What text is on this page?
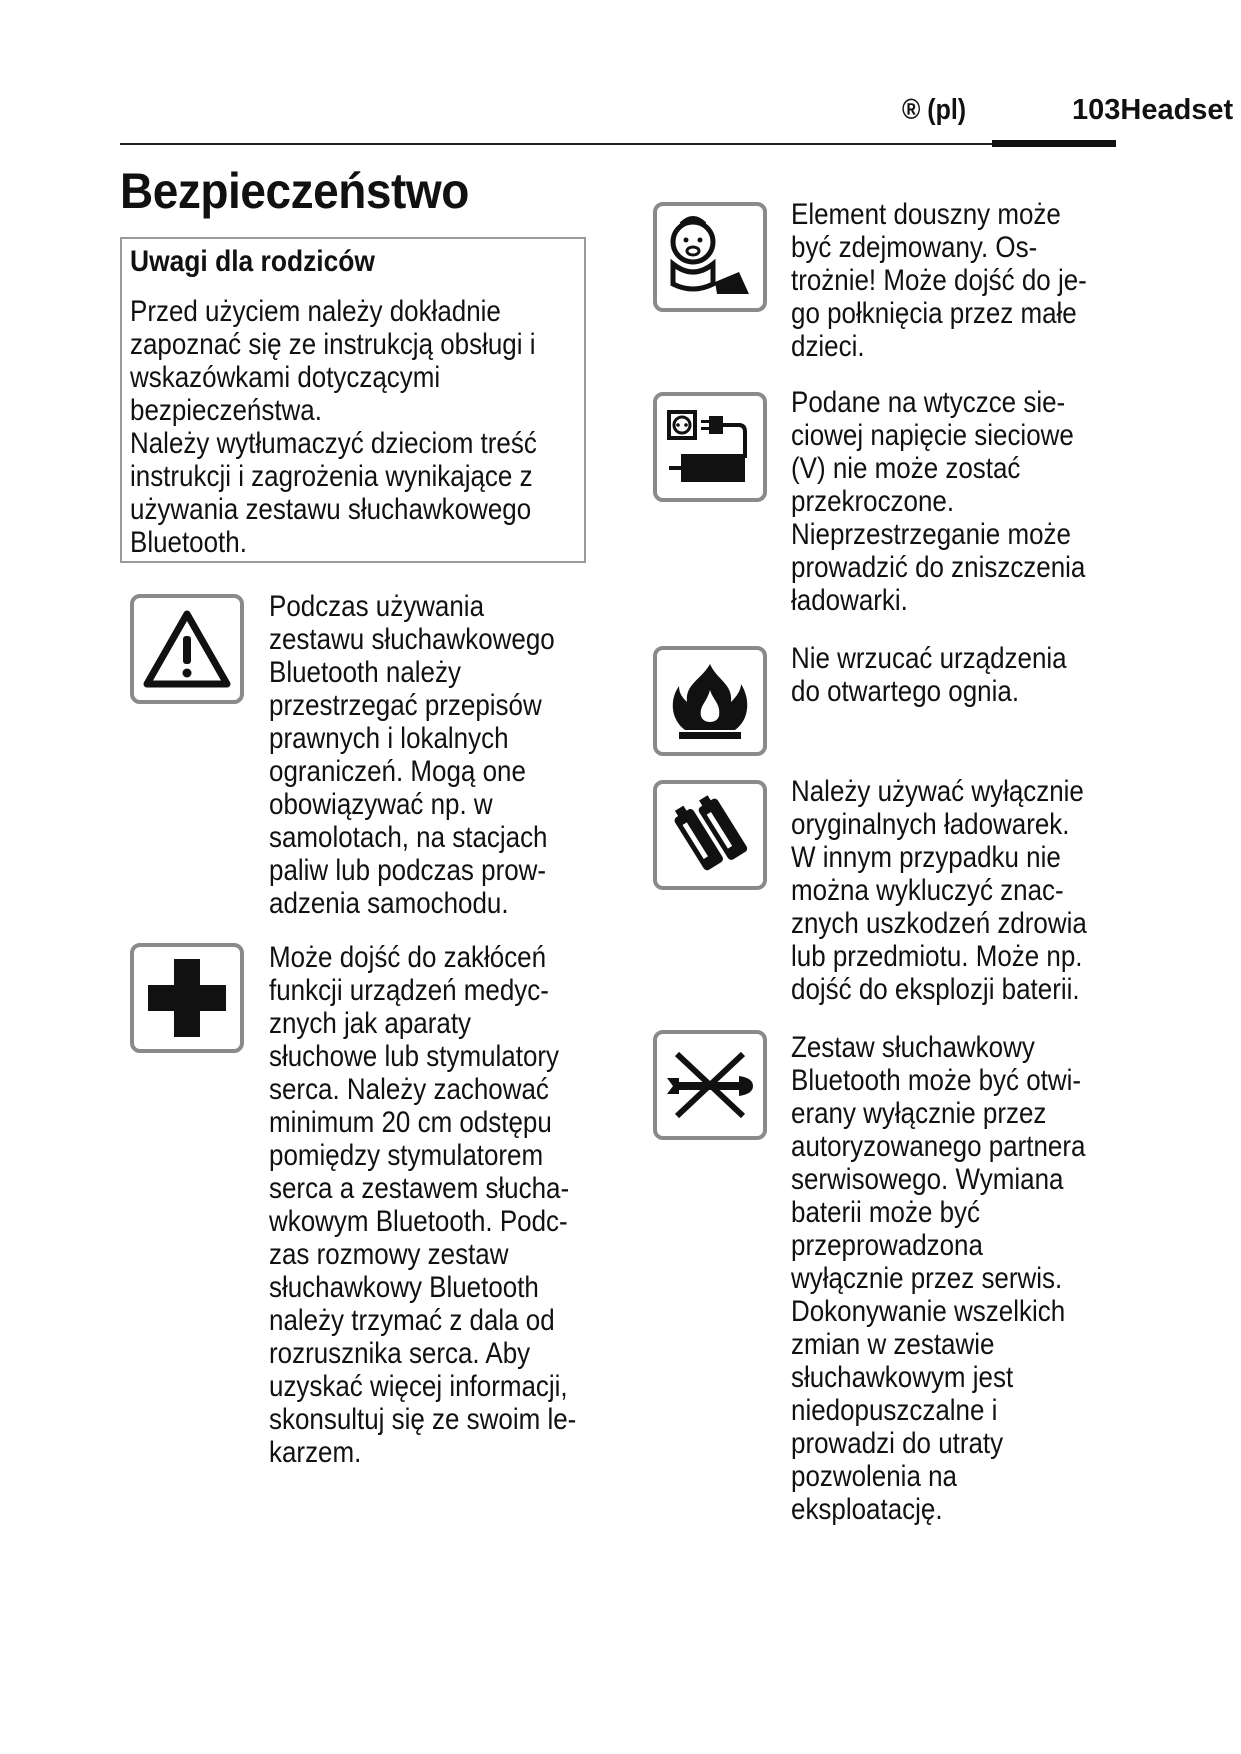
® (pl)	103Headset
Bezpieczeństwo
Uwagi dla rodziców
Przed użyciem należy dokładnie
zapoznać się ze instrukcją obsługi i
wskazówkami dotyczącymi
bezpieczeństwa.
Należy wytłumaczyć dzieciom treść
instrukcji i zagrożenia wynikające z
używania zestawu słuchawkowego
Bluetooth.
Podczas używania
zestawu słuchawkowego
Bluetooth należy
przestrzegać przepisów
prawnych i lokalnych
ograniczeń. Mogą one
obowiązywać np. w
samolotach, na stacjach
paliw lub podczas prow-
adzenia samochodu.
Może dojść do zakłóceń
funkcji urządzeń medyc-
znych jak aparaty
słuchowe lub stymulatory
serca. Należy zachować
minimum 20 cm odstępu
pomiędzy stymulatorem
serca a zestawem słucha-
wkowym Bluetooth. Podc-
zas rozmowy zestaw
słuchawkowy Bluetooth
należy trzymać z dala od
rozrusznika serca. Aby
uzyskać więcej informacji,
skonsultuj się ze swoim le-
karzem.
Element douszny może
być zdejmowany. Os-
trożnie! Może dojść do je-
go połknięcia przez małe
dzieci.
Podane na wtyczce sie-
ciowej napięcie sieciowe
(V) nie może zostać
przekroczone.
Nieprzestrzeganie może
prowadzić do zniszczenia
ładowarki.
Nie wrzucać urządzenia
do otwartego ognia.
Należy używać wyłącznie
oryginalnych ładowarek.
W innym przypadku nie
można wykluczyć znac-
znych uszkodzeń zdrowia
lub przedmiotu. Może np.
dojść do eksplozji baterii.
Zestaw słuchawkowy
Bluetooth może być otwi-
erany wyłącznie przez
autoryzowanego partnera
serwisowego. Wymiana
baterii może być
przeprowadzona
wyłącznie przez serwis.
Dokonywanie wszelkich
zmian w zestawie
słuchawkowym jest
niedopuszczalne i
prowadzi do utraty
pozwolenia na
eksploatację.
